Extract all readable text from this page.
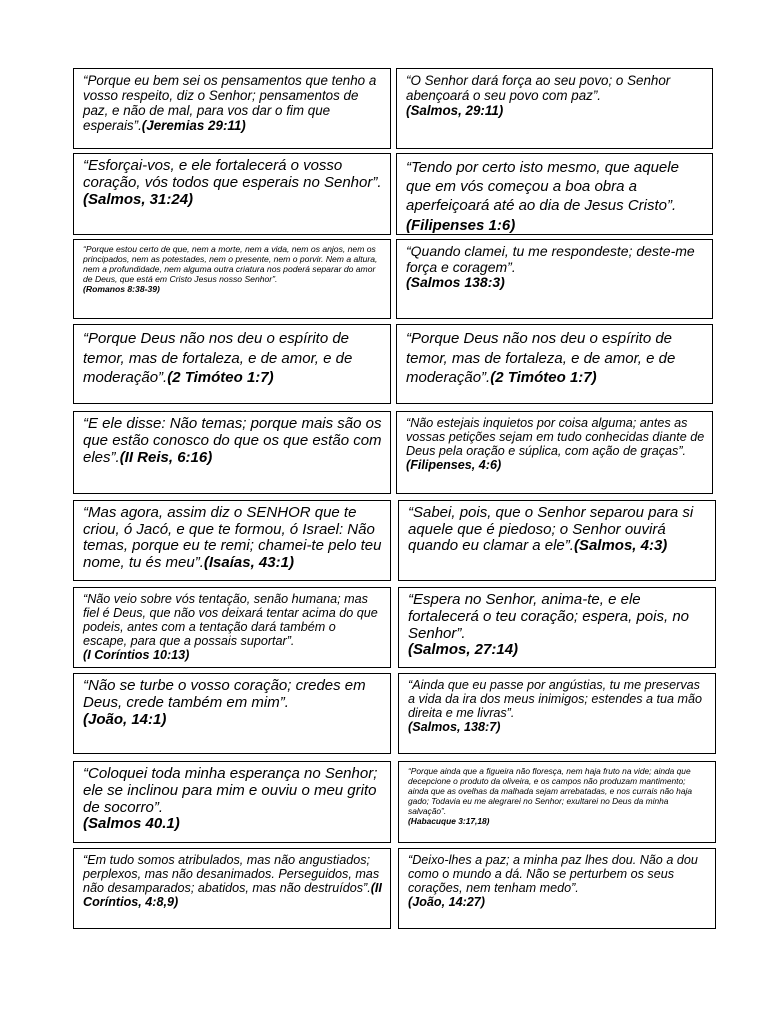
“Porque eu bem sei os pensamentos que tenho a vosso respeito, diz o Senhor; pensamentos de paz, e não de mal, para vos dar o fim que esperais”.(Jeremias 29:11)
“O Senhor dará força ao seu povo; o Senhor abençoará o seu povo com paz”.
(Salmos, 29:11)
“Esforçai-vos, e ele fortalecerá o vosso coração, vós todos que esperais no Senhor”.
(Salmos, 31:24)
“Tendo por certo isto mesmo, que aquele que em vós começou a boa obra a aperfeiçoará até ao dia de Jesus Cristo”.(Filipenses 1:6)
“Porque estou certo de que, nem a morte, nem a vida, nem os anjos, nem os principados, nem as potestades, nem o presente, nem o porvir. Nem a altura, nem a profundidade, nem alguma outra criatura nos poderá separar do amor de Deus, que está em Cristo Jesus nosso Senhor”.
(Romanos 8:38-39)
“Quando clamei, tu me respondeste; deste-me força e coragem”.
(Salmos 138:3)
“Porque Deus não nos deu o espírito de temor, mas de fortaleza, e de amor, e de moderação”.(2 Timóteo 1:7)
“Porque Deus não nos deu o espírito de temor, mas de fortaleza, e de amor, e de moderação”.(2 Timóteo 1:7)
“E ele disse: Não temas; porque mais são os que estão conosco do que os que estão com eles”.(II Reis, 6:16)
“Não estejais inquietos por coisa alguma; antes as vossas petições sejam em tudo conhecidas diante de Deus pela oração e súplica, com ação de graças”.(Filipenses, 4:6)
“Mas agora, assim diz o SENHOR que te criou, ó Jacó, e que te formou, ó Israel: Não temas, porque eu te remi; chamei-te pelo teu nome, tu és meu”.(Isaías, 43:1)
“Sabei, pois, que o Senhor separou para si aquele que é piedoso; o Senhor ouvirá quando eu clamar a ele”.(Salmos, 4:3)
“Não veio sobre vós tentação, senão humana; mas fiel é Deus, que não vos deixará tentar acima do que podeis, antes com a tentação dará também o escape, para que a possais suportar”.
(I Coríntios 10:13)
“Espera no Senhor, anima-te, e ele fortalecerá o teu coração; espera, pois, no Senhor”.
(Salmos, 27:14)
“Não se turbe o vosso coração; credes em Deus, crede também em mim”.
(João, 14:1)
“Ainda que eu passe por angústias, tu me preservas a vida da ira dos meus inimigos; estendes a tua mão direita e me livras”.
(Salmos, 138:7)
“Coloquei toda minha esperança no Senhor; ele se inclinou para mim e ouviu o meu grito de socorro”.
(Salmos 40.1)
“Porque ainda que a figueira não floresça, nem haja fruto na vide; ainda que decepcione o produto da oliveira, e os campos não produzam mantimento; ainda que as ovelhas da malhada sejam arrebatadas, e nos currais não haja gado; Todavia eu me alegrarei no Senhor; exultarei no Deus da minha salvação”.
(Habacuque 3:17,18)
“Em tudo somos atribulados, mas não angustiados; perplexos, mas não desanimados. Perseguidos, mas não desamparados; abatidos, mas não destruídos”.(II Coríntios, 4:8,9)
“Deixo-lhes a paz; a minha paz lhes dou. Não a dou como o mundo a dá. Não se perturbem os seus corações, nem tenham medo”.
(João, 14:27)
